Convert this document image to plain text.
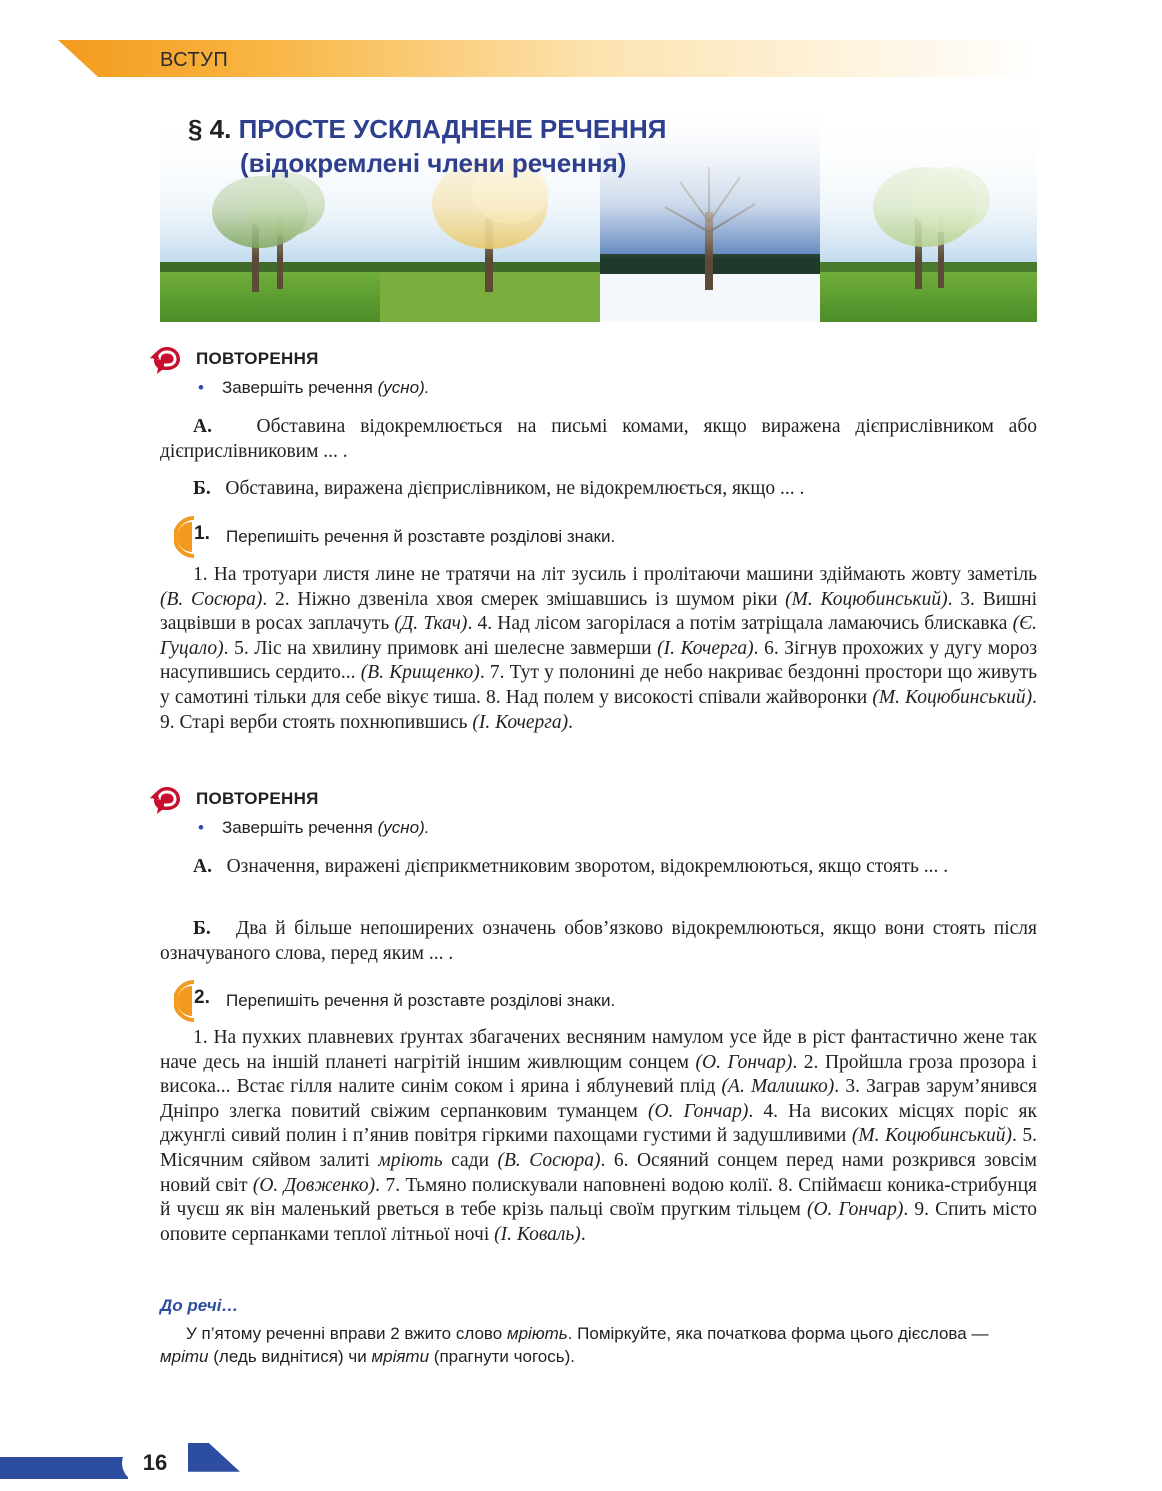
ВСТУП
§ 4. ПРОСТЕ УСКЛАДНЕНЕ РЕЧЕННЯ
(відокремлені члени речення)
ПОВТОРЕННЯ
• Завершіть речення (усно).
А. Обставина відокремлюється на письмі комами, якщо виражена дієприслівником або дієприслівниковим ... .
Б. Обставина, виражена дієприслівником, не відокремлюється, якщо ... .
1. Перепишіть речення й розставте розділові знаки.
1. На тротуари листя лине не тратячи на літ зусиль і пролітаючи машини здіймають жовту заметіль (В. Сосюра). 2. Ніжно дзвеніла хвоя смерек змішавшись із шумом ріки (М. Коцюбинський). 3. Вишні зацвівши в росах заплачуть (Д. Ткач). 4. Над лісом загорілася а потім затріщала ламаючись блискавка (Є. Гуцало). 5. Ліс на хвилину примовк ані шелесне завмерши (І. Кочерга). 6. Зігнув прохожих у дугу мороз насупившись сердито... (В. Крищенко). 7. Тут у полонині де небо накриває бездонні простори що живуть у самотині тільки для себе вікує тиша. 8. Над полем у високості співали жайворонки (М. Коцюбинський). 9. Старі верби стоять похнюпившись (І. Кочерга).
ПОВТОРЕННЯ
• Завершіть речення (усно).
А. Означення, виражені дієприкметниковим зворотом, відокремлюються, якщо стоять ... .
Б. Два й більше непоширених означень обов’язково відокремлюються, якщо вони стоять після означуваного слова, перед яким ... .
2. Перепишіть речення й розставте розділові знаки.
1. На пухких плавневих ґрунтах збагачених весняним намулом усе йде в ріст фантастично жене так наче десь на іншій планеті нагрітій іншим живлющим сонцем (О. Гончар). 2. Пройшла гроза прозора і висока... Встає гілля налите синім соком і ярина і яблуневий плід (А. Малишко). 3. Заграв зарум’янився Дніпро злегка повитий свіжим серпанковим туманцем (О. Гончар). 4. На високих місцях поріс як джунглі сивий полин і п’янив повітря гіркими пахощами густими й задушливими (М. Коцюбинський). 5. Місячним сяйвом залиті мріють сади (В. Сосюра). 6. Осяяний сонцем перед нами розкрився зовсім новий світ (О. Довженко). 7. Тьмяно полискували наповнені водою колії. 8. Спіймаєш коника-стрибунця й чуєш як він маленький рветься в тебе крізь пальці своїм пругким тільцем (О. Гончар). 9. Спить місто оповите серпанками теплої літньої ночі (І. Коваль).
До речі…
У п’ятому реченні вправи 2 вжито слово мріють. Поміркуйте, яка початкова форма цього дієслова — мріти (ледь виднітися) чи мріяти (прагнути чогось).
16
